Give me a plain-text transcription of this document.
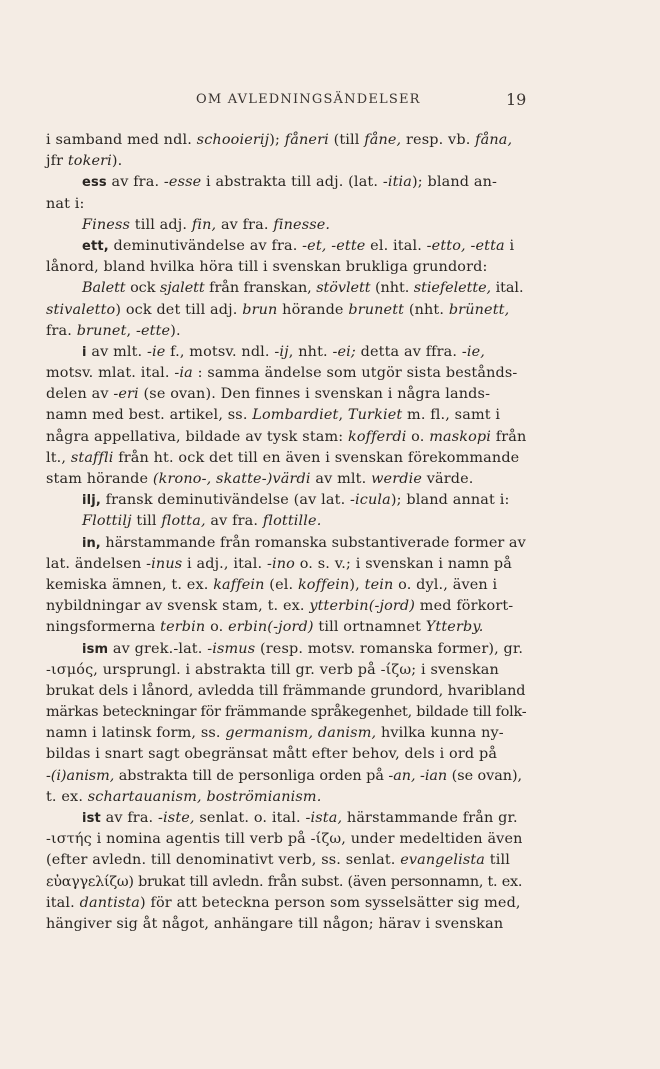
OM AVLEDNINGSÄNDELSER	19
i samband med ndl. schooierij); fåneri (till fåne, resp. vb. fåna,
jfr tokeri).
ess av fra. -esse i abstrakta till adj. (lat. -itia); bland an-
nat i:
Finess till adj. fin, av fra. finesse.
ett, deminutivändelse av fra. -et, -ette el. ital. -etto, -etta i
lånord, bland hvilka höra till i svenskan brukliga grundord:
Balett ock sjalett från franskan, stövlett (nht. stiefelette, ital.
stivaletto) ock det till adj. brun hörande brunett (nht. brünett,
fra. brunet, -ette).
i av mlt. -ie f., motsv. ndl. -ij, nht. -ei; detta av ffra. -ie,
motsv. mlat. ital. -ia : samma ändelse som utgör sista bestånds-
delen av -eri (se ovan). Den finnes i svenskan i några lands-
namn med best. artikel, ss. Lombardiet, Turkiet m. fl., samt i
några appellativa, bildade av tysk stam: kofferdi o. maskopi från
lt., staffli från ht. ock det till en även i svenskan förekommande
stam hörande (krono-, skatte-)värdi av mlt. werdie värde.
ilj, fransk deminutivändelse (av lat. -icula); bland annat i:
Flottilj till flotta, av fra. flottille.
in, härstammande från romanska substantiverade former av
lat. ändelsen -inus i adj., ital. -ino o. s. v.; i svenskan i namn på
kemiska ämnen, t. ex. kaffein (el. koffein), tein o. dyl., även i
nybildningar av svensk stam, t. ex. ytterbin(-jord) med förkort-
ningsformerna terbin o. erbin(-jord) till ortnamnet Ytterby.
ism av grek.-lat. -ismus (resp. motsv. romanska former), gr.
-ισμός, ursprungl. i abstrakta till gr. verb på -ίζω; i svenskan
brukat dels i lånord, avledda till främmande grundord, hvaribland
märkas beteckningar för främmande språkegenhet, bildade till folk-
namn i latinsk form, ss. germanism, danism, hvilka kunna ny-
bildas i snart sagt obegränsat mått efter behov, dels i ord på
-(i)anism, abstrakta till de personliga orden på -an, -ian (se ovan),
t. ex. schartauanism, boströmianism.
ist av fra. -iste, senlat. o. ital. -ista, härstammande från gr.
-ιστής i nomina agentis till verb på -ίζω, under medeltiden även
(efter avledn. till denominativt verb, ss. senlat. evangelista till
εὐαγγελίζω) brukat till avledn. från subst. (även personnamn, t. ex.
ital. dantista) för att beteckna person som sysselsätter sig med,
hängiver sig åt något, anhängare till någon; härav i svenskan
